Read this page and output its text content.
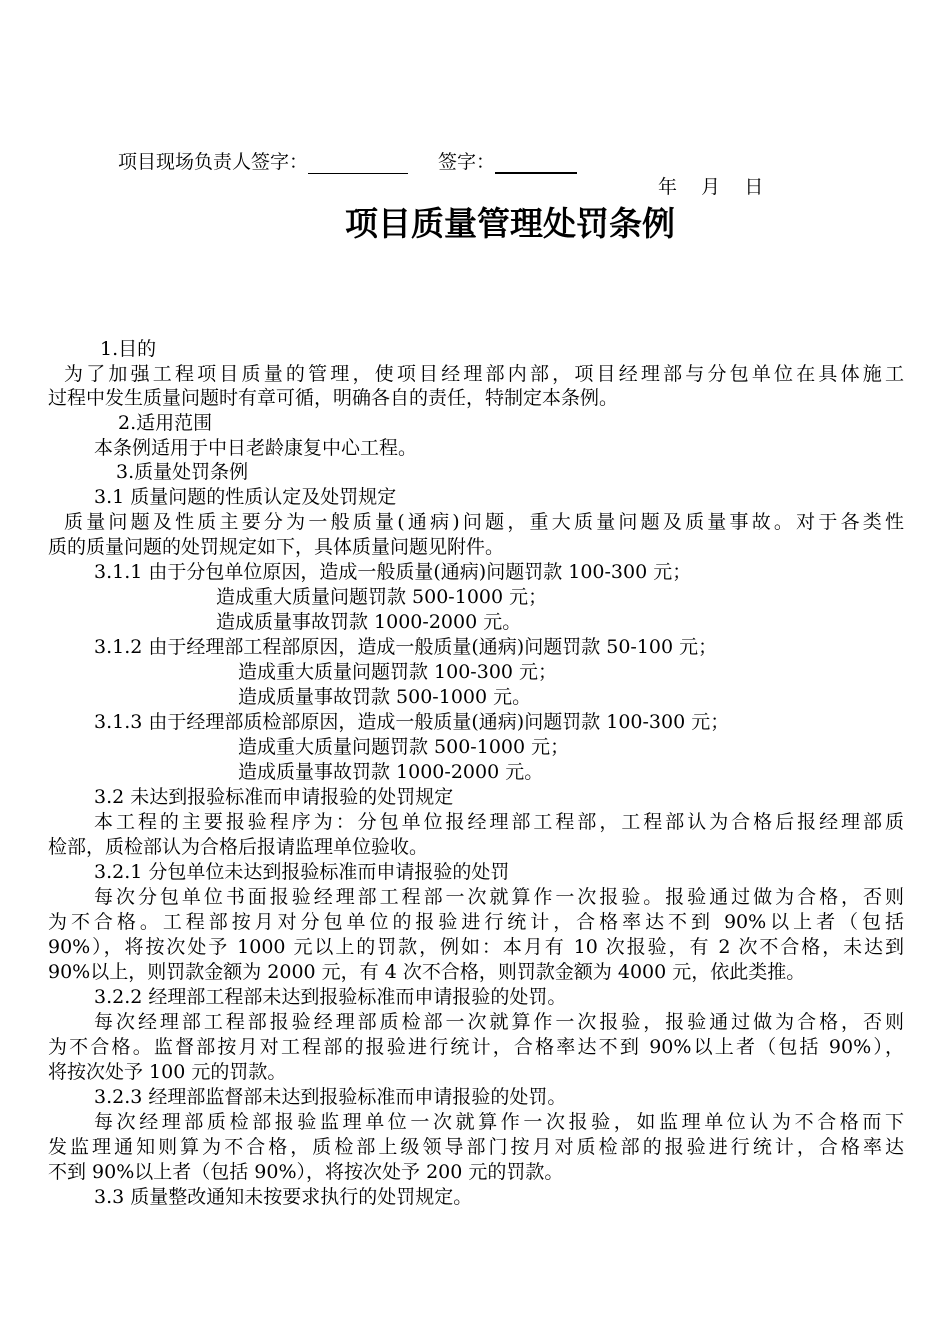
项目现场负责人签字：	签字：
年    月    日
项目质量管理处罚条例
1.目的
为了加强工程项目质量的管理，使项目经理部内部，项目经理部与分包单位在具体施工
过程中发生质量问题时有章可循，明确各自的责任，特制定本条例。
2.适用范围
本条例适用于中日老龄康复中心工程。
3.质量处罚条例
3.1 质量问题的性质认定及处罚规定
质量问题及性质主要分为一般质量(通病)问题，重大质量问题及质量事故。对于各类性
质的质量问题的处罚规定如下，具体质量问题见附件。
3.1.1 由于分包单位原因，造成一般质量(通病)问题罚款 100-300 元；
造成重大质量问题罚款 500-1000 元；
造成质量事故罚款 1000-2000 元。
3.1.2 由于经理部工程部原因，造成一般质量(通病)问题罚款 50-100 元；
造成重大质量问题罚款 100-300 元；
造成质量事故罚款 500-1000 元。
3.1.3 由于经理部质检部原因，造成一般质量(通病)问题罚款 100-300 元；
造成重大质量问题罚款 500-1000 元；
造成质量事故罚款 1000-2000 元。
3.2 未达到报验标准而申请报验的处罚规定
本工程的主要报验程序为：分包单位报经理部工程部，工程部认为合格后报经理部质
检部，质检部认为合格后报请监理单位验收。
3.2.1 分包单位未达到报验标准而申请报验的处罚
每次分包单位书面报验经理部工程部一次就算作一次报验。报验通过做为合格，否则
为不合格。工程部按月对分包单位的报验进行统计，合格率达不到 90%以上者（包括
90%），将按次处予 1000 元以上的罚款，例如：本月有 10 次报验，有 2 次不合格，未达到
90%以上，则罚款金额为 2000 元，有 4 次不合格，则罚款金额为 4000 元，依此类推。
3.2.2 经理部工程部未达到报验标准而申请报验的处罚。
每次经理部工程部报验经理部质检部一次就算作一次报验，报验通过做为合格，否则
为不合格。监督部按月对工程部的报验进行统计，合格率达不到 90%以上者（包括 90%），
将按次处予 100 元的罚款。
3.2.3 经理部监督部未达到报验标准而申请报验的处罚。
每次经理部质检部报验监理单位一次就算作一次报验，如监理单位认为不合格而下
发监理通知则算为不合格，质检部上级领导部门按月对质检部的报验进行统计，合格率达
不到 90%以上者（包括 90%），将按次处予 200 元的罚款。
3.3 质量整改通知未按要求执行的处罚规定。
